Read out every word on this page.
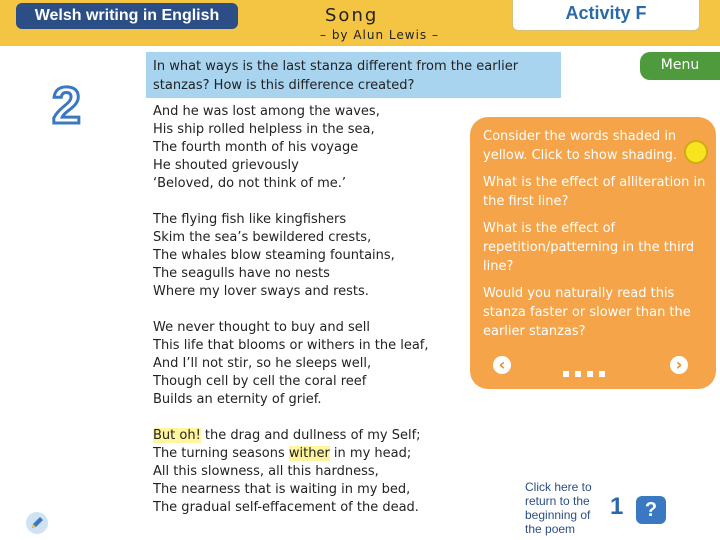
Welsh writing in English	Activity F
Song
– by Alun Lewis –
2
In what ways is the last stanza different from the earlier stanzas? How is this difference created?
Menu
And he was lost among the waves,
His ship rolled helpless in the sea,
The fourth month of his voyage
He shouted grievously
‘Beloved, do not think of me.’
The flying fish like kingfishers
Skim the sea’s bewildered crests,
The whales blow steaming fountains,
The seagulls have no nests
Where my lover sways and rests.
We never thought to buy and sell
This life that blooms or withers in the leaf,
And I’ll not stir, so he sleeps well,
Though cell by cell the coral reef
Builds an eternity of grief.
But oh! the drag and dullness of my Self;
The turning seasons wither in my head;
All this slowness, all this hardness,
The nearness that is waiting in my bed,
The gradual self-effacement of the dead.
Consider the words shaded in yellow. Click to show shading.
What is the effect of alliteration in the first line?
What is the effect of repetition/patterning in the third line?
Would you naturally read this stanza faster or slower than the earlier stanzas?
‹	›
Click here to return to the beginning of the poem
1	?
